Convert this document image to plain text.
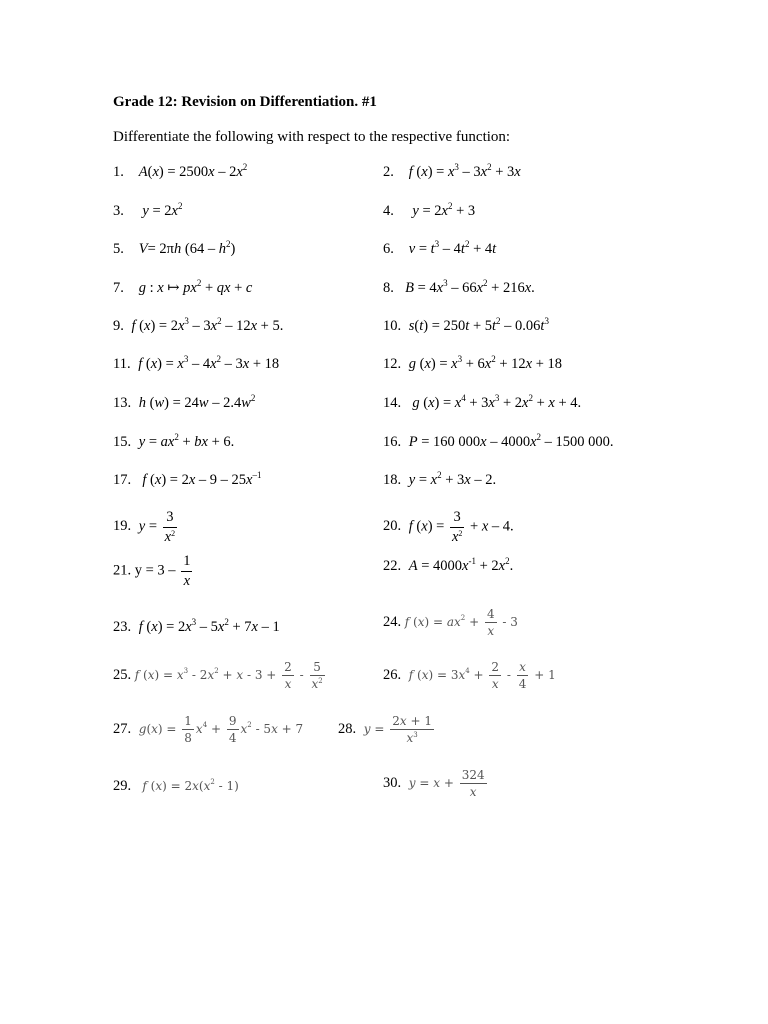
Grade 12: Revision on Differentiation. #1
Differentiate the following with respect to the respective function:
1. $A(x) = 2500x - 2x^2$	2. f $(x) = x^3 - 3x^2 + 3x$
3. $y = 2x^2$	4. $y = 2x^2 + 3$
5. V= 2πh $(64 - h^2)$	6. $v = t^3 - 4t^2 + 4t$
7. g : x ↦ $px^2$ + qx + c	8. $B = 4x^3 - 66x^2 + 216x$.
9. f $(x) = 2x^3 - 3x^2 - 12x + 5$.	10. $s(t) = 250t + 5t^2 - 0.06t^3$
11. f $(x) = x^3 - 4x^2 - 3x + 18$	12. g $(x) = x^3 + 6x^2 + 12x + 18$
13. h $(w) = 24w - 2.4w^2$	14. g $(x) = x^4 + 3x^3 + 2x^2 + x + 4$.
15. $y = ax^2$ + bx + 6.	16. P = 160 $000x - 4000x^2 - 1500$ 000.
17. f $(x) = 2x - 9 - 25x^{-1}$	18. $y = x^2 + 3x - 2$.
19. $y = \frac{3}{x^2}$	20. f $(x) = \frac{3}{x^2} + x - 4$.
21. $y = 3 - \frac{1}{x}$	22. $A = 4000x^{-1} + 2x^2$.
23. f $(x) = 2x^3 - 5x^2 + 7x - 1$	24. f $(x) = ax^2 + \frac{4}{x} - 3$
25. f $(x) = x^3 - 2x^2 + x - 3 + \frac{2}{x} - \frac{5}{x^2}$	26. f $(x) = 3x^4 + \frac{2}{x} - \frac{x}{4} + 1$
27. $g(x) = \frac{1}{8} x^4 + \frac{9}{4} x^2 - 5x + 7$ 28. $y = \frac{2x + 1}{x^3}$
29. f $(x) = 2x(x^2 - 1)$	30. $y = x + \frac{324}{x}$
